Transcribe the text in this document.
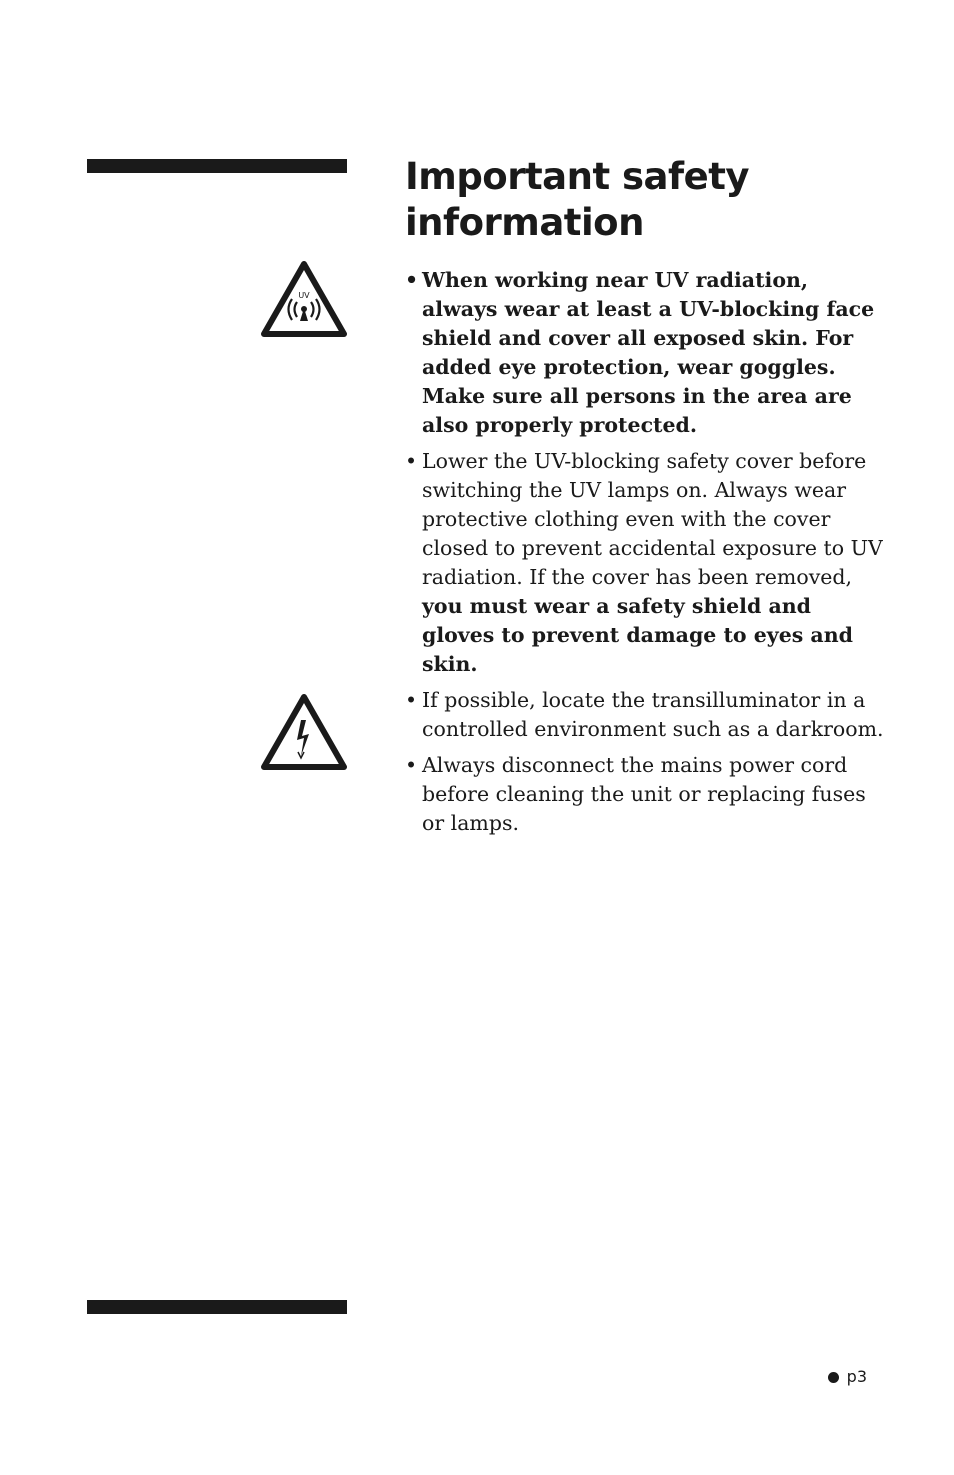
Important safety information
UV
• When working near UV radiation, always wear at least a UV-blocking face shield and cover all exposed skin. For added eye protection, wear goggles. Make sure all persons in the area are also properly protected.
• Lower the UV-blocking safety cover before switching the UV lamps on. Always wear protective clothing even with the cover closed to prevent accidental exposure to UV radiation. If the cover has been removed, you must wear a safety shield and gloves to prevent damage to eyes and skin.
• If possible, locate the transilluminator in a controlled environment such as a darkroom.
• Always disconnect the mains power cord before cleaning the unit or replacing fuses or lamps.
p3
